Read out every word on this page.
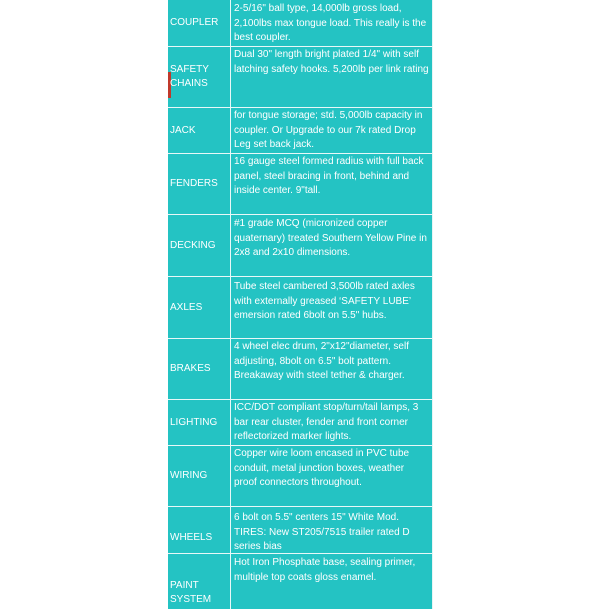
COUPLER
2-5/16" ball type, 14,000lb gross load, 2,100lbs max tongue load. This really is the best coupler.
SAFETY CHAINS
Dual 30" length bright plated 1/4" with self latching safety hooks. 5,200lb per link rating
JACK
for tongue storage; std. 5,000lb capacity in coupler. Or Upgrade to our 7k rated Drop Leg set back jack.
FENDERS
16 gauge steel formed radius with full back panel, steel bracing in front, behind and inside center. 9"tall.
DECKING
#1 grade MCQ (micronized copper quaternary) treated Southern Yellow Pine in 2x8 and 2x10 dimensions.
AXLES
Tube steel cambered 3,500lb rated axles with externally greased ‘SAFETY LUBE’ emersion rated 6bolt on 5.5" hubs.
BRAKES
4 wheel elec drum, 2"x12"diameter, self adjusting, 8bolt on 6.5" bolt pattern. Breakaway with steel tether & charger.
LIGHTING
ICC/DOT compliant stop/turn/tail lamps, 3 bar rear cluster, fender and front corner reflectorized marker lights.
WIRING
Copper wire loom encased in PVC tube conduit, metal junction boxes, weather proof connectors throughout.
WHEELS
6 bolt on 5.5" centers 15" White Mod. TIRES: New ST205/7515 trailer rated D series bias
PAINT SYSTEM
Hot Iron Phosphate base, sealing primer, multiple top coats gloss enamel.
